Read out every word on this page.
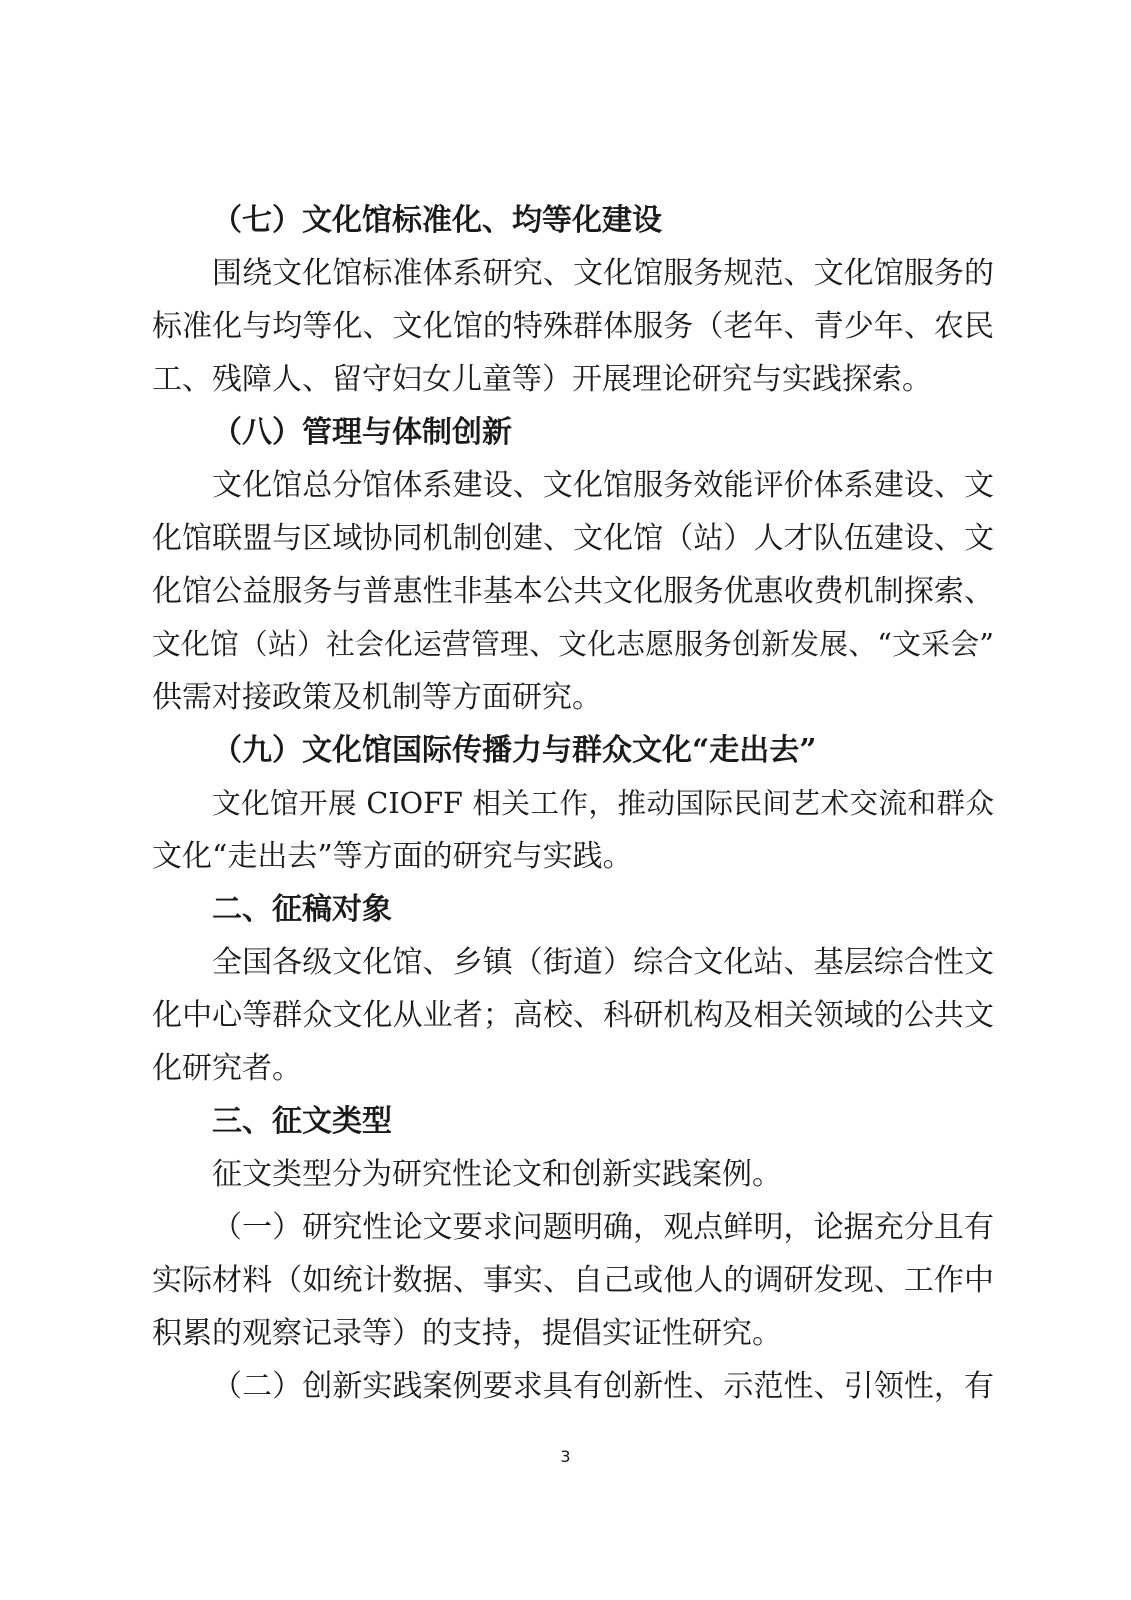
（七）文化馆标准化、均等化建设
围绕文化馆标准体系研究、文化馆服务规范、文化馆服务的
标准化与均等化、文化馆的特殊群体服务（老年、青少年、农民
工、残障人、留守妇女儿童等）开展理论研究与实践探索。
（八）管理与体制创新
文化馆总分馆体系建设、文化馆服务效能评价体系建设、文
化馆联盟与区域协同机制创建、文化馆（站）人才队伍建设、文
化馆公益服务与普惠性非基本公共文化服务优惠收费机制探索、
文化馆（站）社会化运营管理、文化志愿服务创新发展、“文采会”
供需对接政策及机制等方面研究。
（九）文化馆国际传播力与群众文化“走出去”
文化馆开展 CIOFF 相关工作，推动国际民间艺术交流和群众
文化“走出去”等方面的研究与实践。
二、征稿对象
全国各级文化馆、乡镇（街道）综合文化站、基层综合性文
化中心等群众文化从业者；高校、科研机构及相关领域的公共文
化研究者。
三、征文类型
征文类型分为研究性论文和创新实践案例。
（一）研究性论文要求问题明确，观点鲜明，论据充分且有
实际材料（如统计数据、事实、自己或他人的调研发现、工作中
积累的观察记录等）的支持，提倡实证性研究。
（二）创新实践案例要求具有创新性、示范性、引领性，有
3
